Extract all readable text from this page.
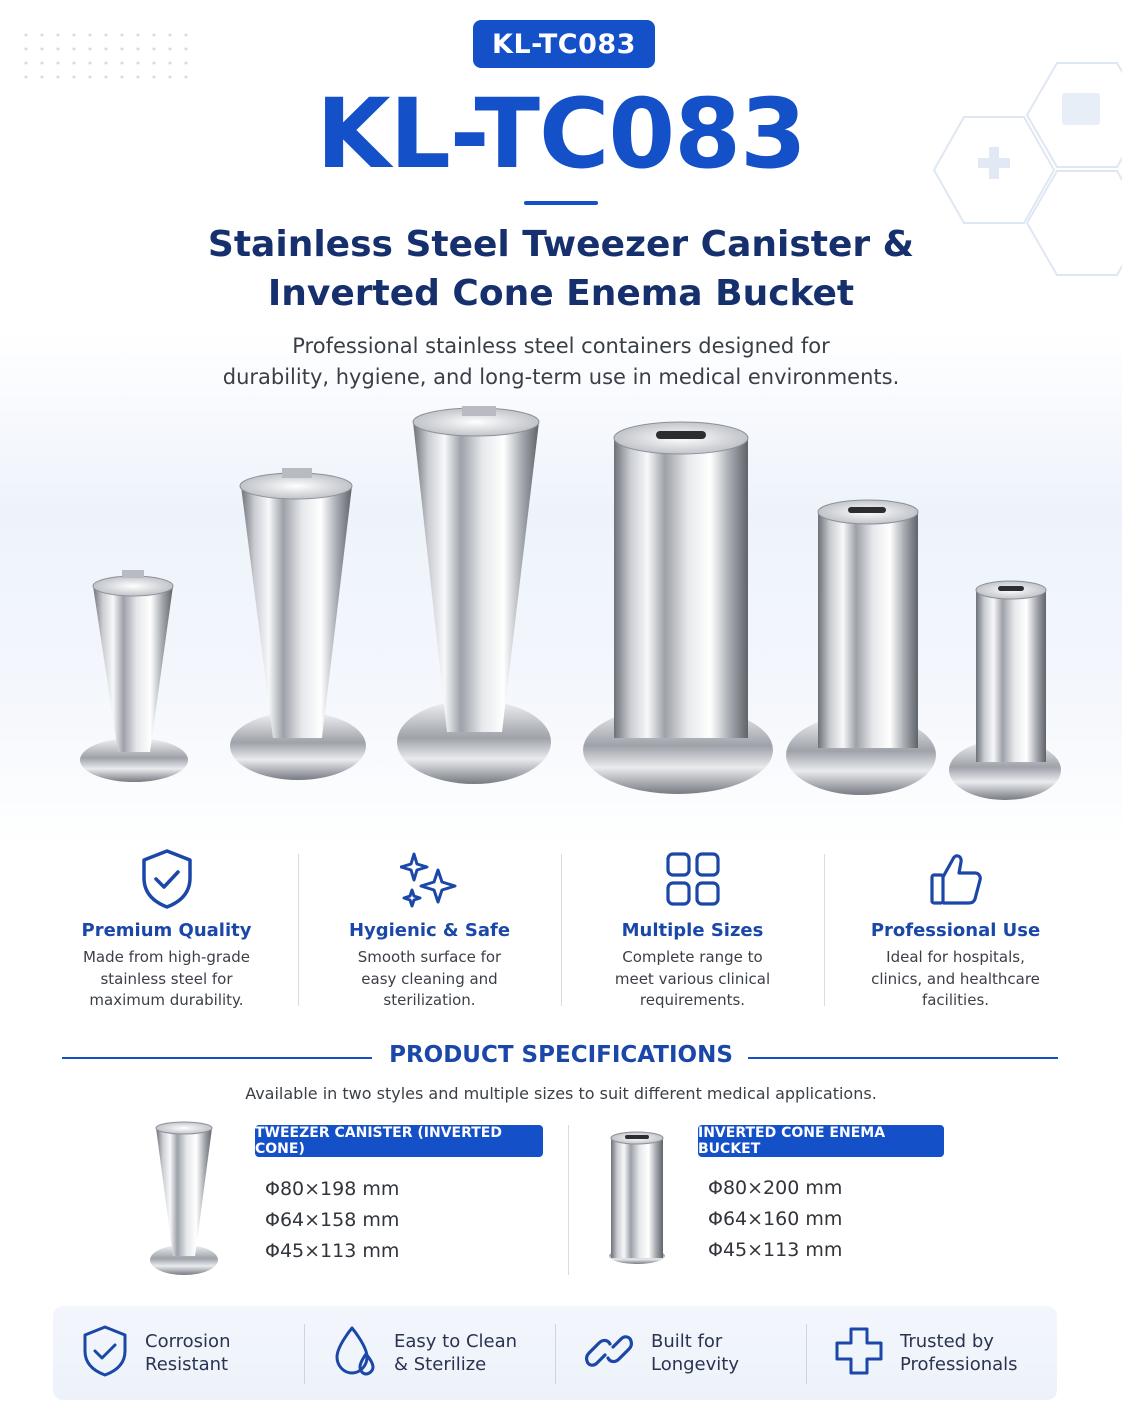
KL-TC083
KL-TC083
Stainless Steel Tweezer Canister &
Inverted Cone Enema Bucket
Professional stainless steel containers designed for
durability, hygiene, and long-term use in medical environments.
Premium Quality
Made from high-grade
stainless steel for
maximum durability.
Hygienic & Safe
Smooth surface for
easy cleaning and
sterilization.
Multiple Sizes
Complete range to
meet various clinical
requirements.
Professional Use
Ideal for hospitals,
clinics, and healthcare
facilities.
PRODUCT SPECIFICATIONS
Available in two styles and multiple sizes to suit different medical applications.
TWEEZER CANISTER (INVERTED CONE)
Φ80×198 mm
Φ64×158 mm
Φ45×113 mm
INVERTED CONE ENEMA BUCKET
Φ80×200 mm
Φ64×160 mm
Φ45×113 mm
Corrosion
Resistant
Easy to Clean
& Sterilize
Built for
Longevity
Trusted by
Professionals
